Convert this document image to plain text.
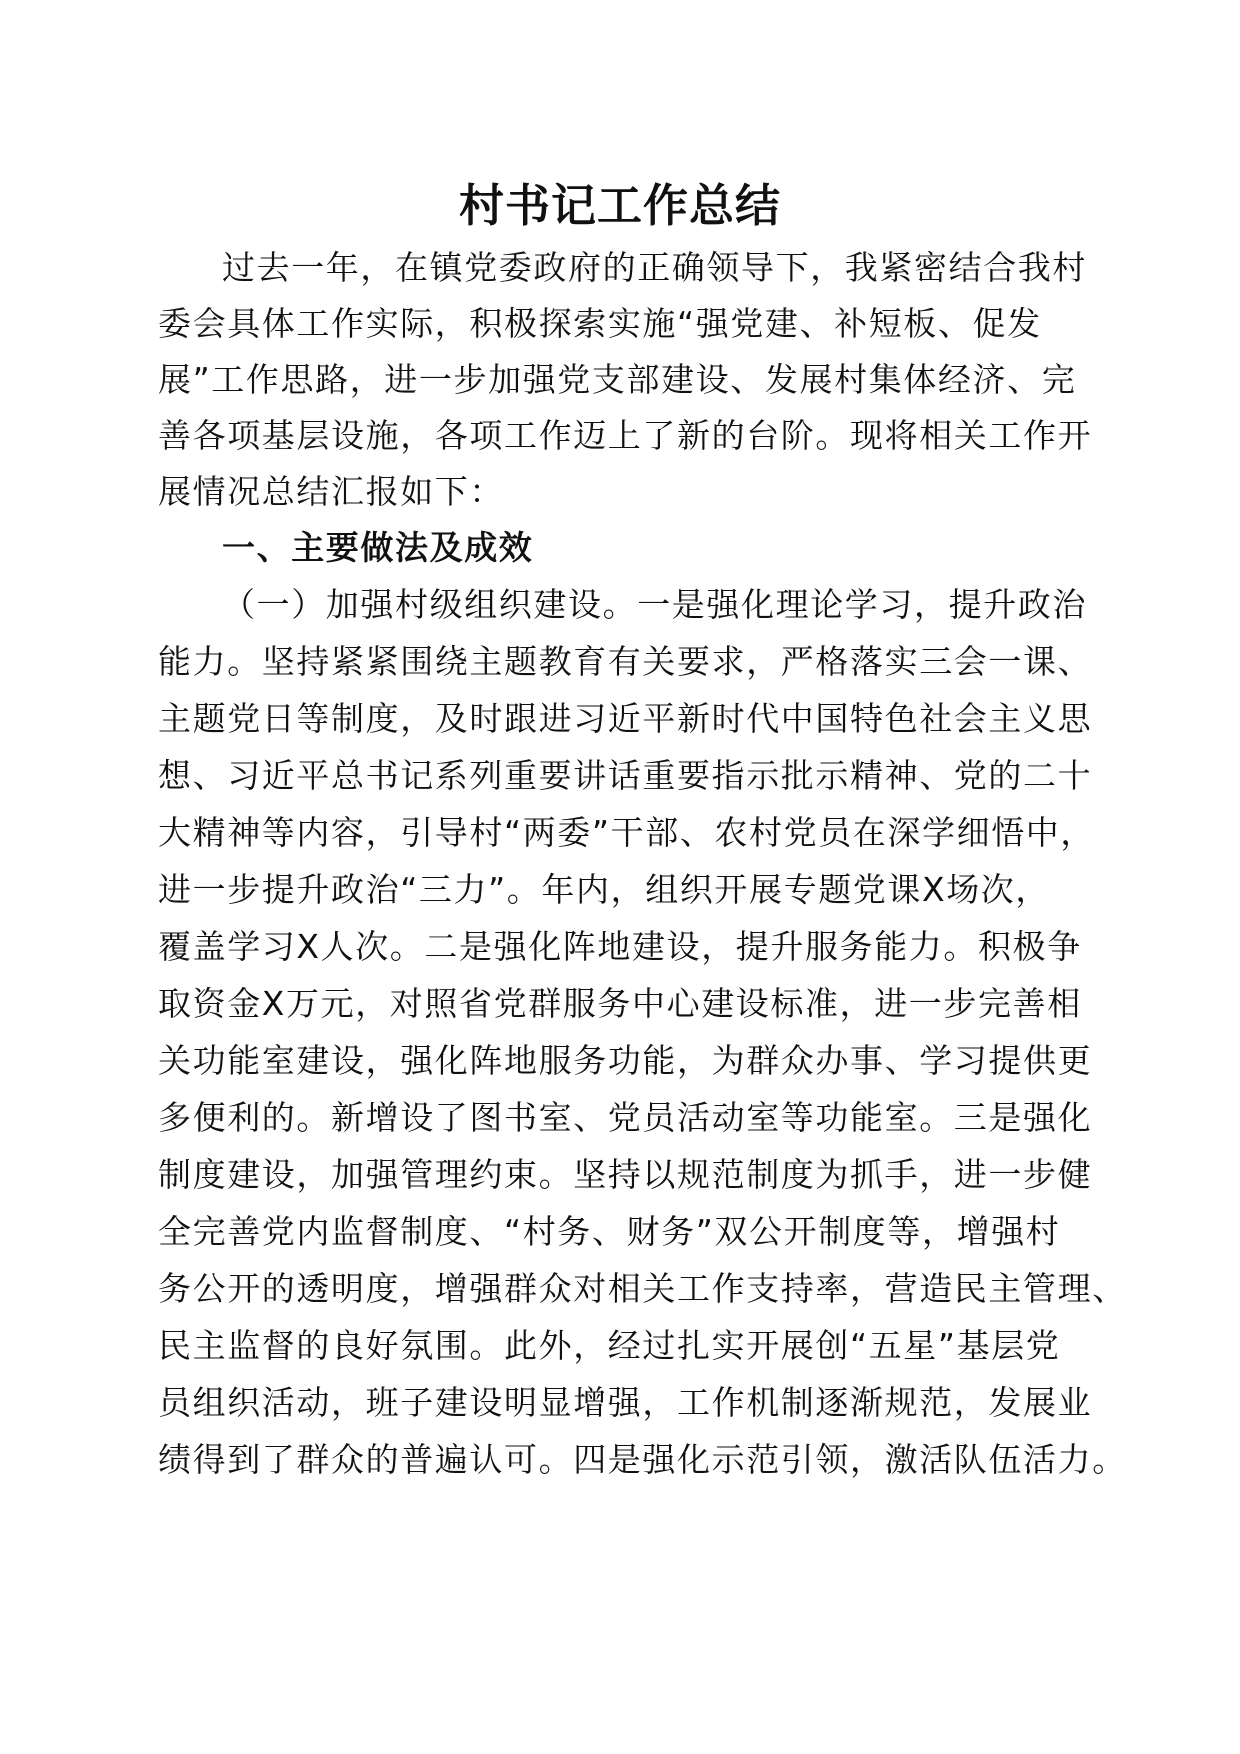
村书记工作总结

过去一年，在镇党委政府的正确领导下，我紧密结合我村

委会具体工作实际，积极探索实施“强党建、补短板、促发

展”工作思路，进一步加强党支部建设、发展村集体经济、完

善各项基层设施，各项工作迈上了新的台阶。现将相关工作开

展情况总结汇报如下：

一、主要做法及成效

（一）加强村级组织建设。一是强化理论学习，提升政治

能力。坚持紧紧围绕主题教育有关要求，严格落实三会一课、

主题党日等制度，及时跟进习近平新时代中国特色社会主义思

想、习近平总书记系列重要讲话重要指示批示精神、党的二十

大精神等内容，引导村“两委”干部、农村党员在深学细悟中，

进一步提升政治“三力”。年内，组织开展专题党课X场次，

覆盖学习X人次。二是强化阵地建设，提升服务能力。积极争

取资金X万元，对照省党群服务中心建设标准，进一步完善相

关功能室建设，强化阵地服务功能，为群众办事、学习提供更

多便利的。新增设了图书室、党员活动室等功能室。三是强化

制度建设，加强管理约束。坚持以规范制度为抓手，进一步健

全完善党内监督制度、“村务、财务”双公开制度等，增强村

务公开的透明度，增强群众对相关工作支持率，营造民主管理、

民主监督的良好氛围。此外，经过扎实开展创“五星”基层党

员组织活动，班子建设明显增强，工作机制逐渐规范，发展业

绩得到了群众的普遍认可。四是强化示范引领，激活队伍活力。
